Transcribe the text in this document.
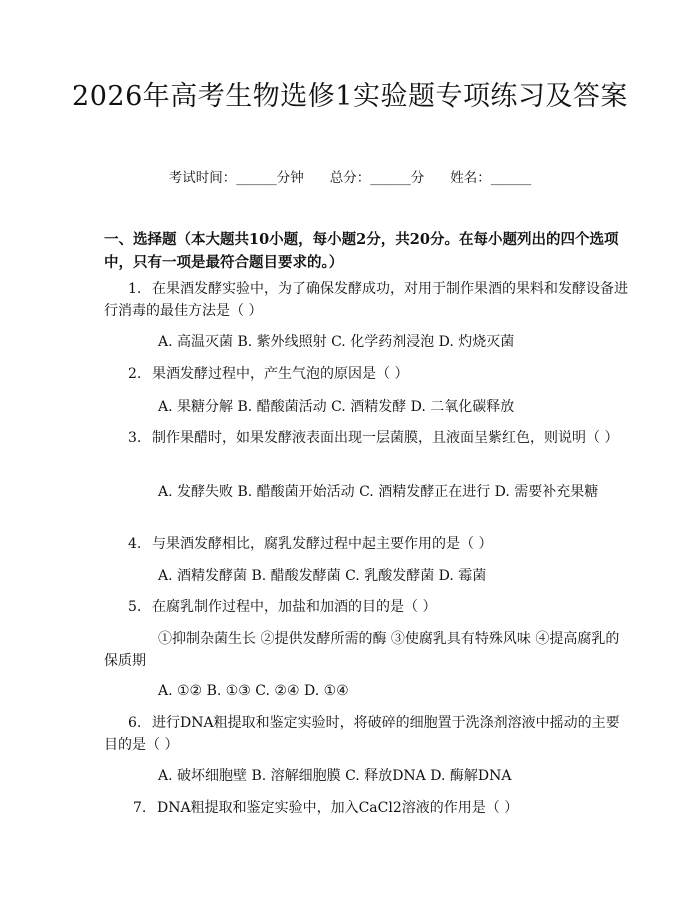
2026年高考生物选修1实验题专项练习及答案
考试时间：______分钟 总分：______分 姓名：______
一、选择题（本大题共10小题，每小题2分，共20分。在每小题列出的四个选项中，只有一项是最符合题目要求的。）
1. 在果酒发酵实验中，为了确保发酵成功，对用于制作果酒的果料和发酵设备进行消毒的最佳方法是（ ）
A. 高温灭菌 B. 紫外线照射 C. 化学药剂浸泡 D. 灼烧灭菌
2. 果酒发酵过程中，产生气泡的原因是（ ）
A. 果糖分解 B. 醋酸菌活动 C. 酒精发酵 D. 二氧化碳释放
3. 制作果醋时，如果发酵液表面出现一层菌膜，且液面呈紫红色，则说明（ ）
A. 发酵失败 B. 醋酸菌开始活动 C. 酒精发酵正在进行 D. 需要补充果糖
4. 与果酒发酵相比，腐乳发酵过程中起主要作用的是（ ）
A. 酒精发酵菌 B. 醋酸发酵菌 C. 乳酸发酵菌 D. 霉菌
5. 在腐乳制作过程中，加盐和加酒的目的是（ ）
①抑制杂菌生长 ②提供发酵所需的酶 ③使腐乳具有特殊风味 ④提高腐乳的保质期
A. ①② B. ①③ C. ②④ D. ①④
6. 进行DNA粗提取和鉴定实验时，将破碎的细胞置于洗涤剂溶液中摇动的主要目的是（ ）
A. 破坏细胞壁 B. 溶解细胞膜 C. 释放DNA D. 酶解DNA
7. DNA粗提取和鉴定实验中，加入CaCl2溶液的作用是（ ）
